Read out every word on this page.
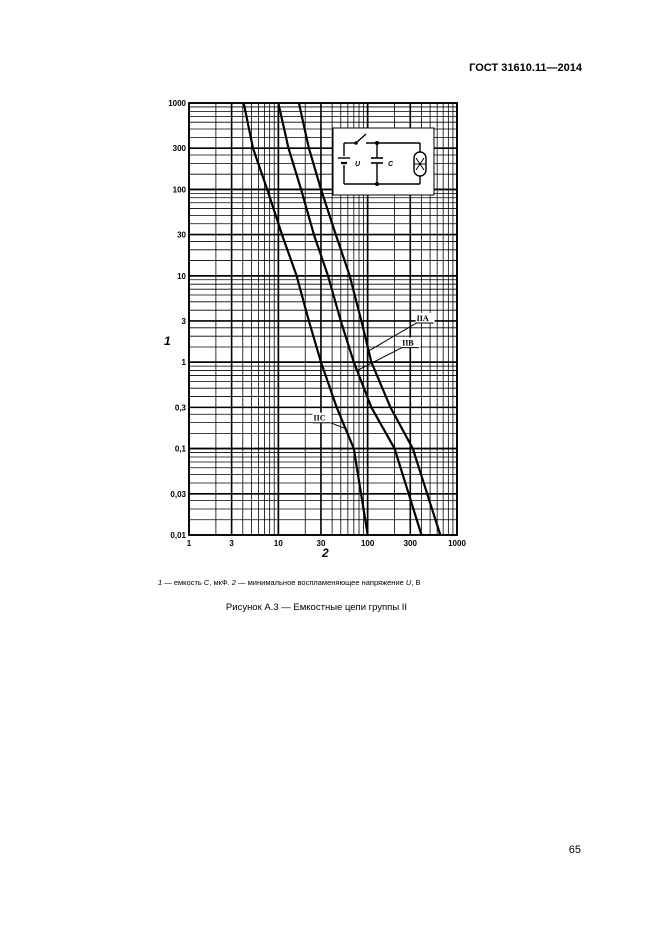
ГОСТ 31610.11—2014
U	C
IIA
IIB
IIC
1	3	10	30	100	300	1000
1000
300
100
30
10
3
1
0,3
0,1
0,03
0,01
2
1
1 — емкость C, мкФ. 2 — минимальное воспламеняющее напряжение U, В
Рисунок А.3 — Емкостные цепи группы II
65
